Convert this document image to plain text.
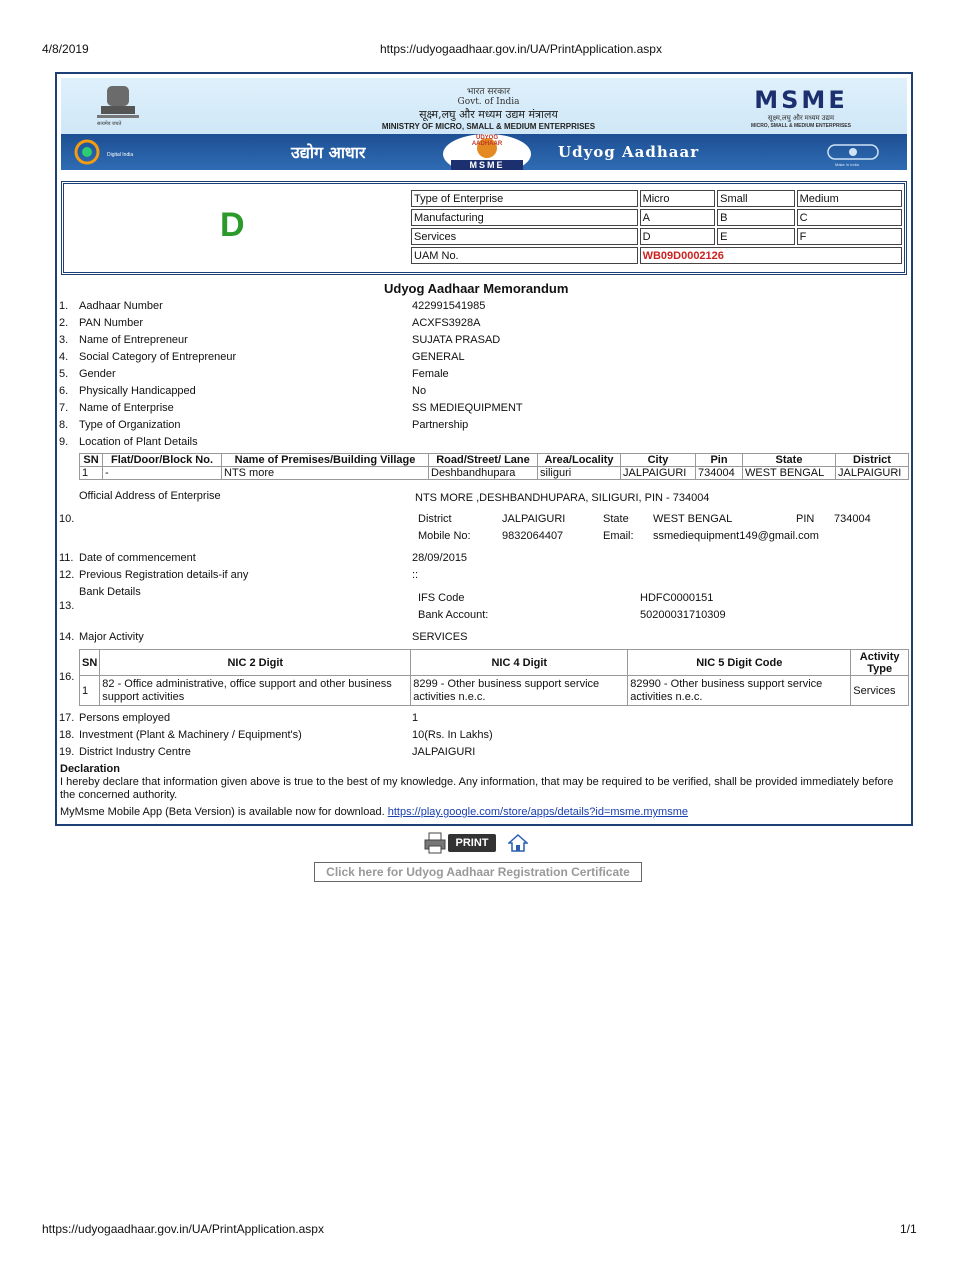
4/8/2019	https://udyogaadhaar.gov.in/UA/PrintApplication.aspx
सत्यमेव जयते
भारत सरकार
Govt. of India
सूक्ष्म,लघु और मध्यम उद्यम मंत्रालय
MINISTRY OF MICRO, SMALL & MEDIUM ENTERPRISES
MSME
सूक्ष्म,लघु और मध्यम उद्यम
MICRO, SMALL & MEDIUM ENTERPRISES
Digital India	उद्योग आधार
UDYOG AADHAAR
MSME
Udyog Aadhaar
Make in India
D
Type of Enterprise	Micro	Small	Medium
Manufacturing	A	B	C
Services	D	E	F
UAM No.	WB09D0002126		
Udyog Aadhaar Memorandum
1. Aadhaar Number	422991541985
2. PAN Number	ACXFS3928A
3. Name of Entrepreneur	SUJATA PRASAD
4. Social Category of Entrepreneur	GENERAL
5. Gender	Female
6. Physically Handicapped	No
7. Name of Enterprise	SS MEDIEQUIPMENT
8. Type of Organization	Partnership
9. Location of Plant Details
SN	Flat/Door/Block No.	Name of Premises/Building Village	Road/Street/ Lane	Area/Locality	City	Pin	State	District
1	-	NTS more	Deshbandhupara	siliguri	JALPAIGURI	734004	WEST BENGAL	JALPAIGURI
Official Address of Enterprise	NTS MORE ,DESHBANDHUPARA, SILIGURI, PIN - 734004
10.	District	JALPAIGURI	State WEST BENGAL	PIN 734004
Mobile No:	9832064407	Email: ssmediequipment149@gmail.com
11. Date of commencement	28/09/2015
12. Previous Registration details-if any	::
Bank Details
13.
IFS Code	HDFC0000151
Bank Account:	50200031710309
14. Major Activity	SERVICES
16.
SN	NIC 2 Digit	NIC 4 Digit	NIC 5 Digit Code	Activity Type
1	82 - Office administrative, office support and other business support activities	8299 - Other business support service activities n.e.c.	82990 - Other business support service activities n.e.c.	Services
17. Persons employed	1
18. Investment (Plant & Machinery / Equipment's)	10(Rs. In Lakhs)
19. District Industry Centre	JALPAIGURI
Declaration
I hereby declare that information given above is true to the best of my knowledge. Any information, that may be required to be verified, shall be provided immediately before the concerned authority.
MyMsme Mobile App (Beta Version) is available now for download. https://play.google.com/store/apps/details?id=msme.mymsme
PRINT
Click here for Udyog Aadhaar Registration Certificate
https://udyogaadhaar.gov.in/UA/PrintApplication.aspx	1/1
